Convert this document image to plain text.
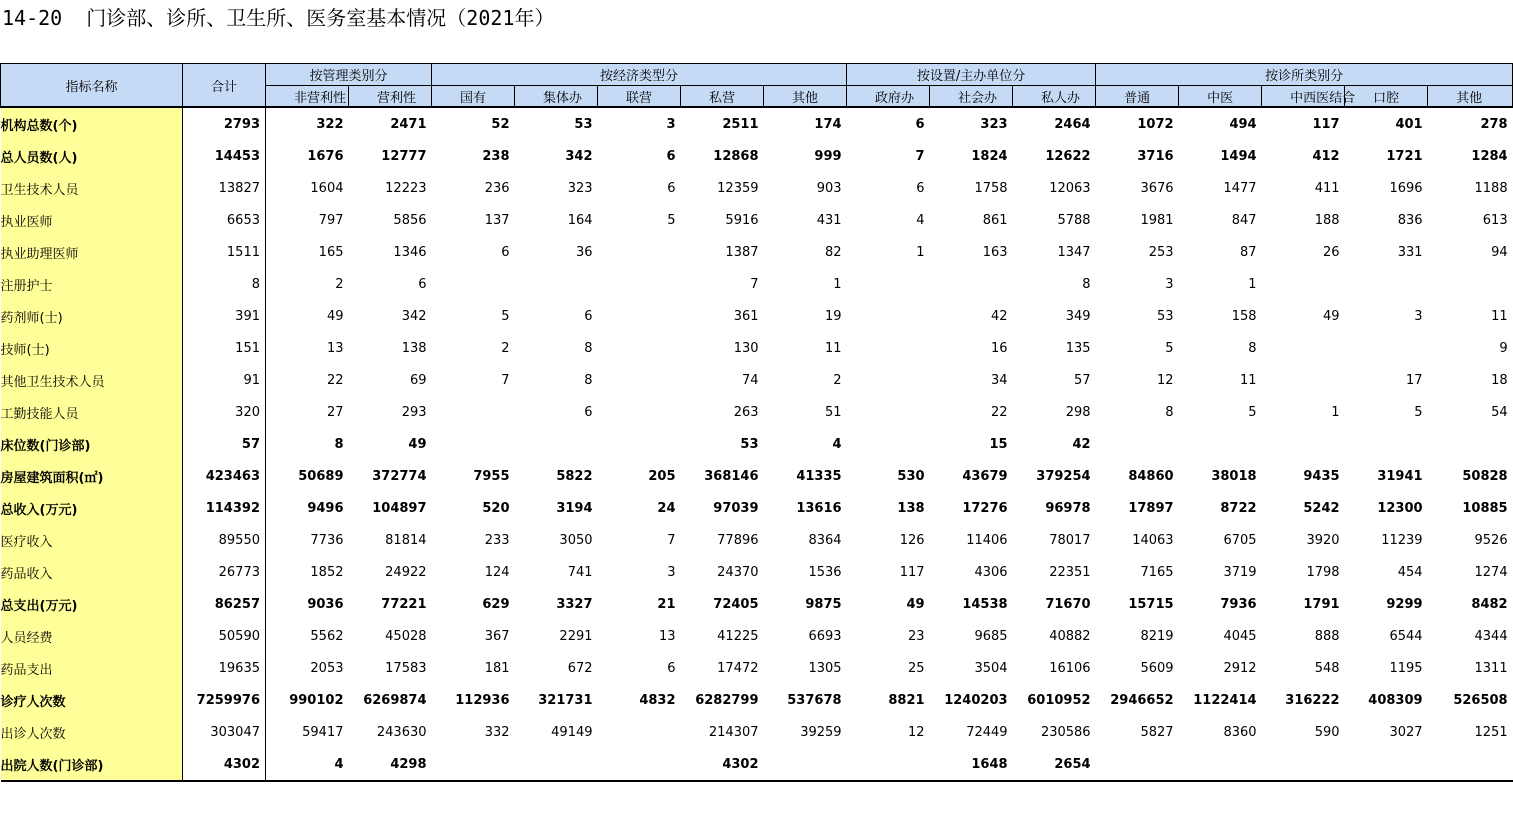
14-20  门诊部、诊所、卫生所、医务室基本情况（2021年）
指标名称	合计	按管理类别分		按经济类型分					按设置/主办单位分			按诊所类别分				
		非营利性	营利性	国有	集体办	联营	私营	其他	政府办	社会办	私人办	普通	中医	中西医结合	口腔	其他
机构总数(个)	2793	322	2471	52	53	3	2511	174	6	323	2464	1072	494	117	401	278
总人员数(人)	14453	1676	12777	238	342	6	12868	999	7	1824	12622	3716	1494	412	1721	1284
卫生技术人员	13827	1604	12223	236	323	6	12359	903	6	1758	12063	3676	1477	411	1696	1188
执业医师	6653	797	5856	137	164	5	5916	431	4	861	5788	1981	847	188	836	613
执业助理医师	1511	165	1346	6	36		1387	82	1	163	1347	253	87	26	331	94
注册护士	8	2	6				7	1			8	3	1			
药剂师(士)	391	49	342	5	6		361	19		42	349	53	158	49	3	11
技师(士)	151	13	138	2	8		130	11		16	135	5	8			9
其他卫生技术人员	91	22	69	7	8		74	2		34	57	12	11		17	18
工勤技能人员	320	27	293		6		263	51		22	298	8	5	1	5	54
床位数(门诊部)	57	8	49				53	4		15	42					
房屋建筑面积(㎡)	423463	50689	372774	7955	5822	205	368146	41335	530	43679	379254	84860	38018	9435	31941	50828
总收入(万元)	114392	9496	104897	520	3194	24	97039	13616	138	17276	96978	17897	8722	5242	12300	10885
医疗收入	89550	7736	81814	233	3050	7	77896	8364	126	11406	78017	14063	6705	3920	11239	9526
药品收入	26773	1852	24922	124	741	3	24370	1536	117	4306	22351	7165	3719	1798	454	1274
总支出(万元)	86257	9036	77221	629	3327	21	72405	9875	49	14538	71670	15715	7936	1791	9299	8482
人员经费	50590	5562	45028	367	2291	13	41225	6693	23	9685	40882	8219	4045	888	6544	4344
药品支出	19635	2053	17583	181	672	6	17472	1305	25	3504	16106	5609	2912	548	1195	1311
诊疗人次数	7259976	990102	6269874	112936	321731	4832	6282799	537678	8821	1240203	6010952	2946652	1122414	316222	408309	526508
出诊人次数	303047	59417	243630	332	49149		214307	39259	12	72449	230586	5827	8360	590	3027	1251
出院人数(门诊部)	4302	4	4298				4302			1648	2654					
